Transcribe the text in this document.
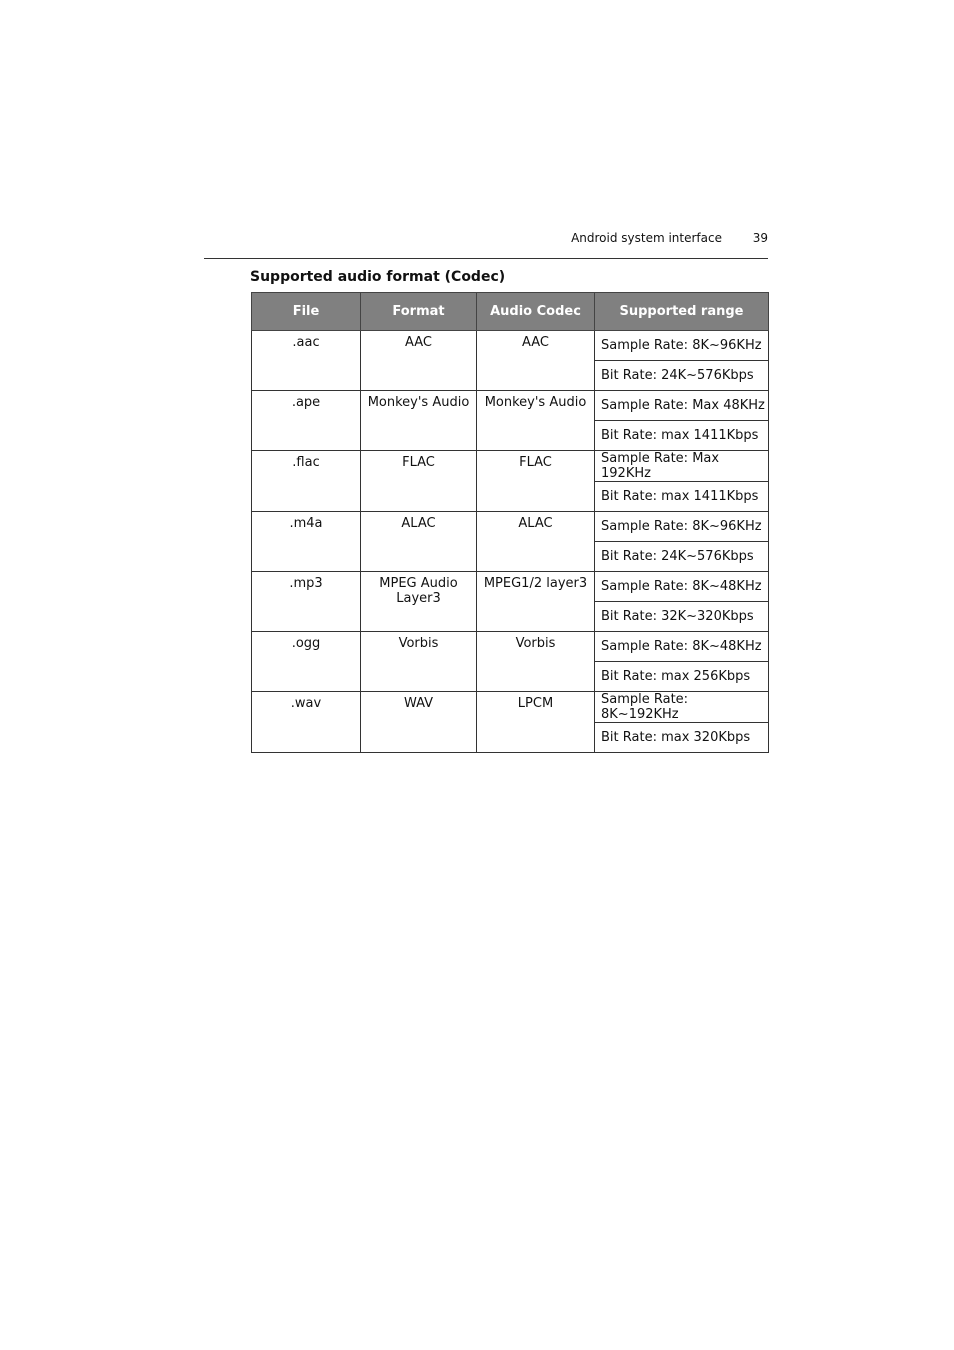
Android system interface	39
Supported audio format (Codec)
File	Format	Audio Codec	Supported range
.aac	AAC	AAC	Sample Rate: 8K~96KHz
			Bit Rate: 24K~576Kbps
.ape	Monkey's Audio	Monkey's Audio	Sample Rate: Max 48KHz
			Bit Rate: max 1411Kbps
.flac	FLAC	FLAC	Sample Rate: Max 192KHz
			Bit Rate: max 1411Kbps
.m4a	ALAC	ALAC	Sample Rate: 8K~96KHz
			Bit Rate: 24K~576Kbps
.mp3	MPEG Audio Layer3	MPEG1/2 layer3	Sample Rate: 8K~48KHz
			Bit Rate: 32K~320Kbps
.ogg	Vorbis	Vorbis	Sample Rate: 8K~48KHz
			Bit Rate: max 256Kbps
.wav	WAV	LPCM	Sample Rate: 8K~192KHz
			Bit Rate: max 320Kbps
